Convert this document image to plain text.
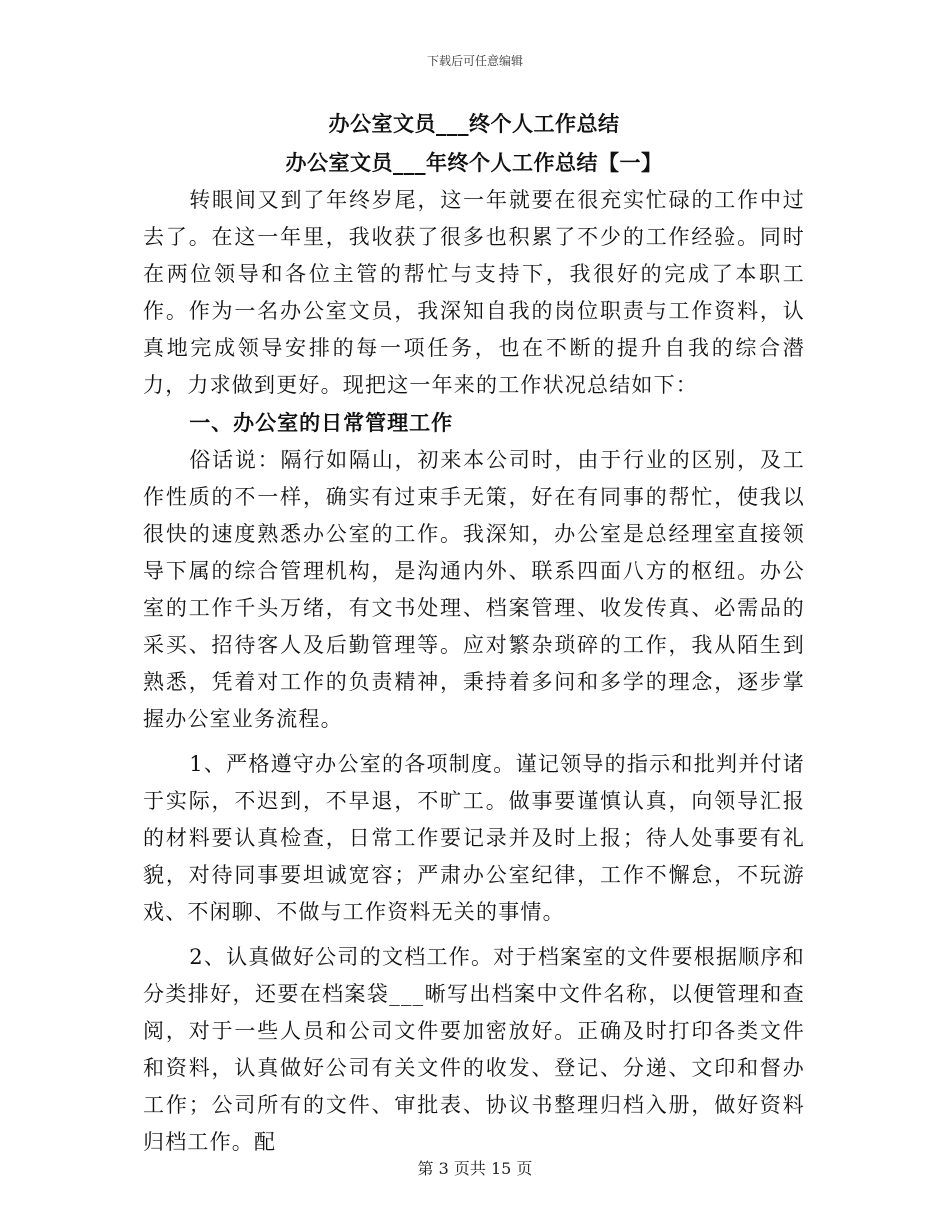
下载后可任意编辑
办公室文员___终个人工作总结
办公室文员___年终个人工作总结【一】

转眼间又到了年终岁尾，这一年就要在很充实忙碌的工作中过去了。在这一年里，我收获了很多也积累了不少的工作经验。同时在两位领导和各位主管的帮忙与支持下，我很好的完成了本职工作。作为一名办公室文员，我深知自我的岗位职责与工作资料，认真地完成领导安排的每一项任务，也在不断的提升自我的综合潜力，力求做到更好。现把这一年来的工作状况总结如下：

一、办公室的日常管理工作

俗话说：隔行如隔山，初来本公司时，由于行业的区别，及工作性质的不一样，确实有过束手无策，好在有同事的帮忙，使我以很快的速度熟悉办公室的工作。我深知，办公室是总经理室直接领导下属的综合管理机构，是沟通内外、联系四面八方的枢纽。办公室的工作千头万绪，有文书处理、档案管理、收发传真、必需品的采买、招待客人及后勤管理等。应对繁杂琐碎的工作，我从陌生到熟悉，凭着对工作的负责精神，秉持着多问和多学的理念，逐步掌握办公室业务流程。

1、严格遵守办公室的各项制度。谨记领导的指示和批判并付诸于实际，不迟到，不早退，不旷工。做事要谨慎认真，向领导汇报的材料要认真检查，日常工作要记录并及时上报；待人处事要有礼貌，对待同事要坦诚宽容；严肃办公室纪律，工作不懈怠，不玩游戏、不闲聊、不做与工作资料无关的事情。

2、认真做好公司的文档工作。对于档案室的文件要根据顺序和分类排好，还要在档案袋___晰写出档案中文件名称，以便管理和查阅，对于一些人员和公司文件要加密放好。正确及时打印各类文件和资料，认真做好公司有关文件的收发、登记、分递、文印和督办工作；公司所有的文件、审批表、协议书整理归档入册，做好资料归档工作。配

第 3 页共 15 页
